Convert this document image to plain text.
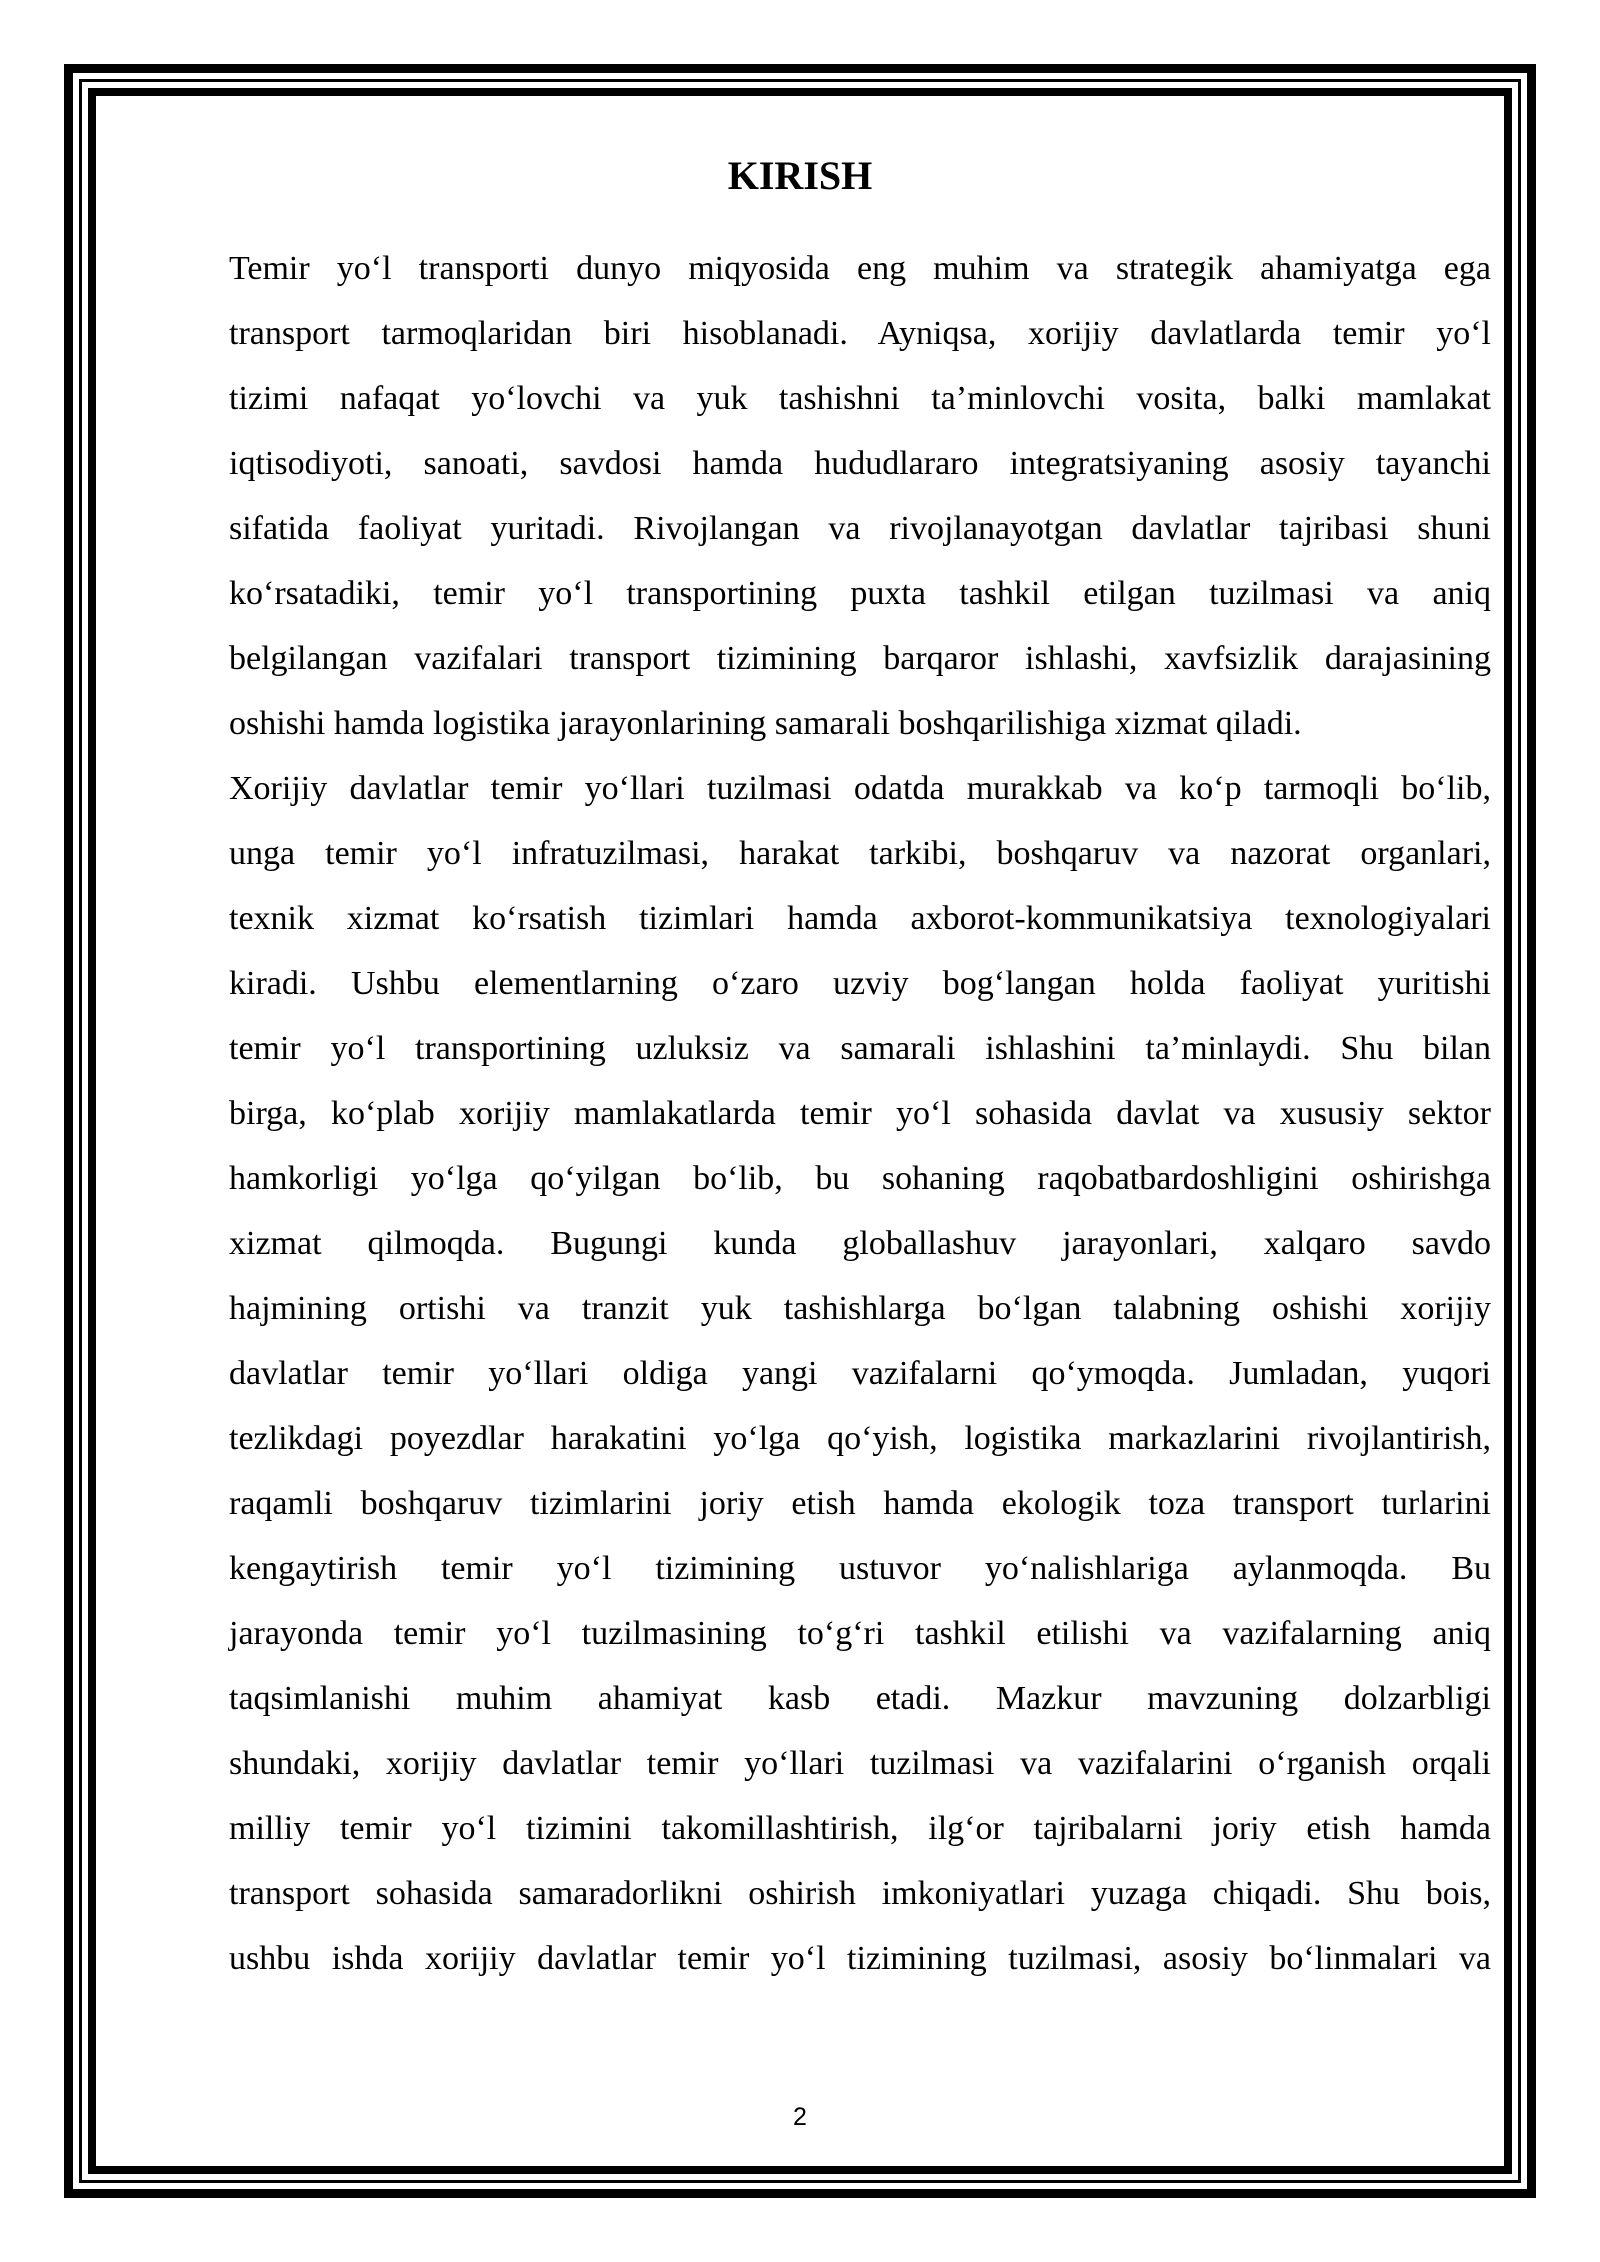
KIRISH
Temir yo‘l transporti dunyo miqyosida eng muhim va strategik ahamiyatga ega
transport tarmoqlaridan biri hisoblanadi. Ayniqsa, xorijiy davlatlarda temir yo‘l
tizimi nafaqat yo‘lovchi va yuk tashishni ta’minlovchi vosita, balki mamlakat
iqtisodiyoti, sanoati, savdosi hamda hududlararo integratsiyaning asosiy tayanchi
sifatida faoliyat yuritadi. Rivojlangan va rivojlanayotgan davlatlar tajribasi shuni
ko‘rsatadiki, temir yo‘l transportining puxta tashkil etilgan tuzilmasi va aniq
belgilangan vazifalari transport tizimining barqaror ishlashi, xavfsizlik darajasining
oshishi hamda logistika jarayonlarining samarali boshqarilishiga xizmat qiladi.
Xorijiy davlatlar temir yo‘llari tuzilmasi odatda murakkab va ko‘p tarmoqli bo‘lib,
unga temir yo‘l infratuzilmasi, harakat tarkibi, boshqaruv va nazorat organlari,
texnik xizmat ko‘rsatish tizimlari hamda axborot-kommunikatsiya texnologiyalari
kiradi. Ushbu elementlarning o‘zaro uzviy bog‘langan holda faoliyat yuritishi
temir yo‘l transportining uzluksiz va samarali ishlashini ta’minlaydi. Shu bilan
birga, ko‘plab xorijiy mamlakatlarda temir yo‘l sohasida davlat va xususiy sektor
hamkorligi yo‘lga qo‘yilgan bo‘lib, bu sohaning raqobatbardoshligini oshirishga
xizmat qilmoqda. Bugungi kunda globallashuv jarayonlari, xalqaro savdo
hajmining ortishi va tranzit yuk tashishlarga bo‘lgan talabning oshishi xorijiy
davlatlar temir yo‘llari oldiga yangi vazifalarni qo‘ymoqda. Jumladan, yuqori
tezlikdagi poyezdlar harakatini yo‘lga qo‘yish, logistika markazlarini rivojlantirish,
raqamli boshqaruv tizimlarini joriy etish hamda ekologik toza transport turlarini
kengaytirish temir yo‘l tizimining ustuvor yo‘nalishlariga aylanmoqda. Bu
jarayonda temir yo‘l tuzilmasining to‘g‘ri tashkil etilishi va vazifalarning aniq
taqsimlanishi muhim ahamiyat kasb etadi. Mazkur mavzuning dolzarbligi
shundaki, xorijiy davlatlar temir yo‘llari tuzilmasi va vazifalarini o‘rganish orqali
milliy temir yo‘l tizimini takomillashtirish, ilg‘or tajribalarni joriy etish hamda
transport sohasida samaradorlikni oshirish imkoniyatlari yuzaga chiqadi. Shu bois,
ushbu ishda xorijiy davlatlar temir yo‘l tizimining tuzilmasi, asosiy bo‘linmalari va
2
